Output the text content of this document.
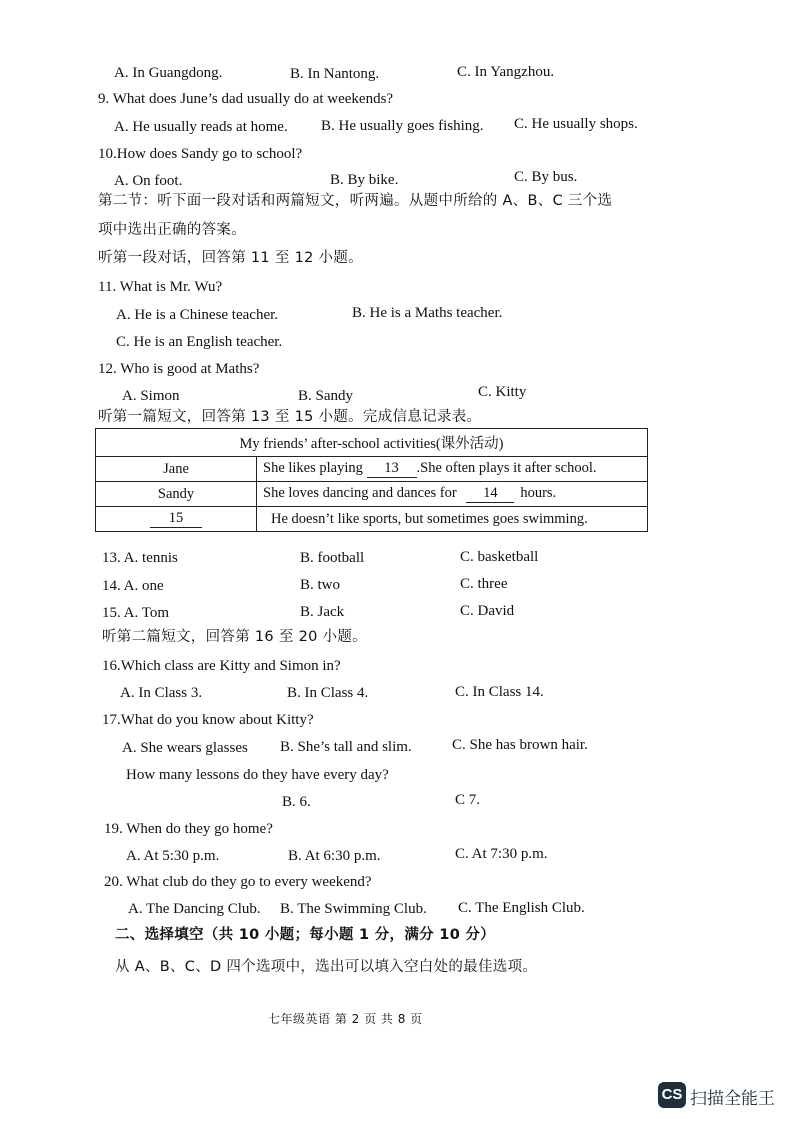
A. In Guangdong.	B. In Nantong.	C. In Yangzhou.
9. What does June’s dad usually do at weekends?
A. He usually reads at home. B. He usually goes fishing. C. He usually shops.
10.How does Sandy go to school?
A. On foot.	B. By bike.	C. By bus.
第二节：听下面一段对话和两篇短文，听两遍。从题中所给的 A、B、C 三个选
项中选出正确的答案。
听第一段对话，回答第 11 至 12 小题。
11. What is Mr. Wu?
A. He is a Chinese teacher.	B. He is a Maths teacher.
C. He is an English teacher.
12. Who is good at Maths?
A. Simon	B. Sandy	C. Kitty
听第一篇短文，回答第 13 至 15 小题。完成信息记录表。
My friends’ after-school activities(课外活动)	
Jane	She likes playing 13 .She often plays it after school.
Sandy	She loves dancing and dances for 14 hours.
15	He doesn’t like sports, but sometimes goes swimming.
13. A. tennis	B. football	C. basketball
14. A. one	B. two	C. three
15. A. Tom	B. Jack	C. David
听第二篇短文，回答第 16 至 20 小题。
16.Which class are Kitty and Simon in?
A. In Class 3.	B. In Class 4.	C. In Class 14.
17.What do you know about Kitty?
A. She wears glasses B. She’s tall and slim.	C. She has brown hair.
How many lessons do they have every day?
B. 6.	C 7.
19. When do they go home?
A. At 5:30 p.m.	B. At 6:30 p.m.	C. At 7:30 p.m.
20. What club do they go to every weekend?
A. The Dancing Club. B. The Swimming Club. C. The English Club.
二、选择填空（共 10 小题；每小题 1 分，满分 10 分）
从 A、B、C、D 四个选项中，选出可以填入空白处的最佳选项。
七年级英语 第 2 页 共 8 页
CS 扫描全能王
